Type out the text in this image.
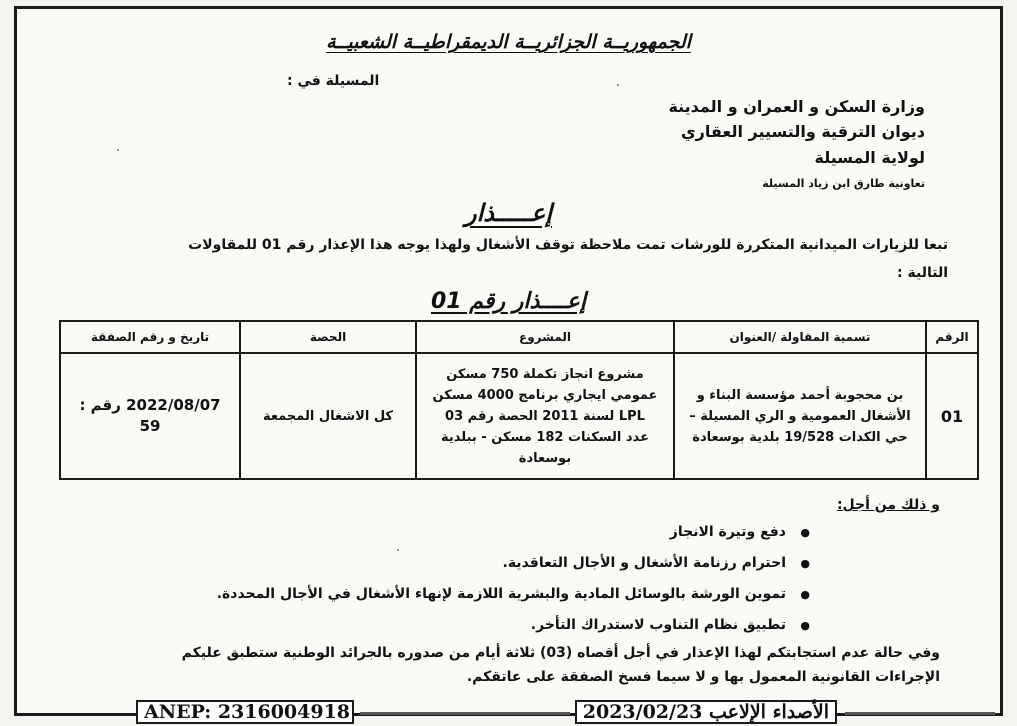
الجمهوريــة الجزائريــة الديمقراطيــة الشعبيــة
المسيلة في :
وزارة السكن و العمران و المدينة
ديوان الترقية والتسيير العقاري
لولاية المسيلة
تعاونية طارق ابن زياد المسيلة
إعـــــذار
تبعا للزيارات الميدانية المتكررة للورشات تمت ملاحظة توقف الأشغال ولهذا يوجه هذا الإعذار رقم 01 للمقاولات
التالية :
إعــــذار رقم 01
الرقم	تسمية المقاولة /العنوان	المشروع	الحصة	تاريخ و رقم الصفقة
01	بن محجوبة أحمد مؤسسة البناء و
الأشغال العمومية و الري المسيلة –
حي الكدات 19/528 بلدية بوسعادة	مشروع انجاز تكملة 750 مسكن
عمومي ايجاري برنامج 4000 مسكن
LPL لسنة 2011 الحصة رقم 03
عدد السكنات 182 مسكن - ببلدية
بوسعادة	كل الاشغال المجمعة	2022/08/07 رقم : 59
و ذلك من أجل:
● دفع وتيرة الانجاز
● احترام رزنامة الأشغال و الأجال التعاقدية.
● تموين الورشة بالوسائل المادية والبشرية اللازمة لإنهاء الأشغال في الأجال المحددة.
● تطبيق نظام التناوب لاستدراك التأخر.
وفي حالة عدم استجابتكم لهذا الإعذار في أجل أقصاه (03) ثلاثة أيام من صدوره بالجرائد الوطنية ستطبق عليكم
الإجراءات القانونية المعمول بها و لا سيما فسخ الصفقة على عاتقكم.
ANEP: 2316004918	الأصداء الإلاعب 2023/02/23
